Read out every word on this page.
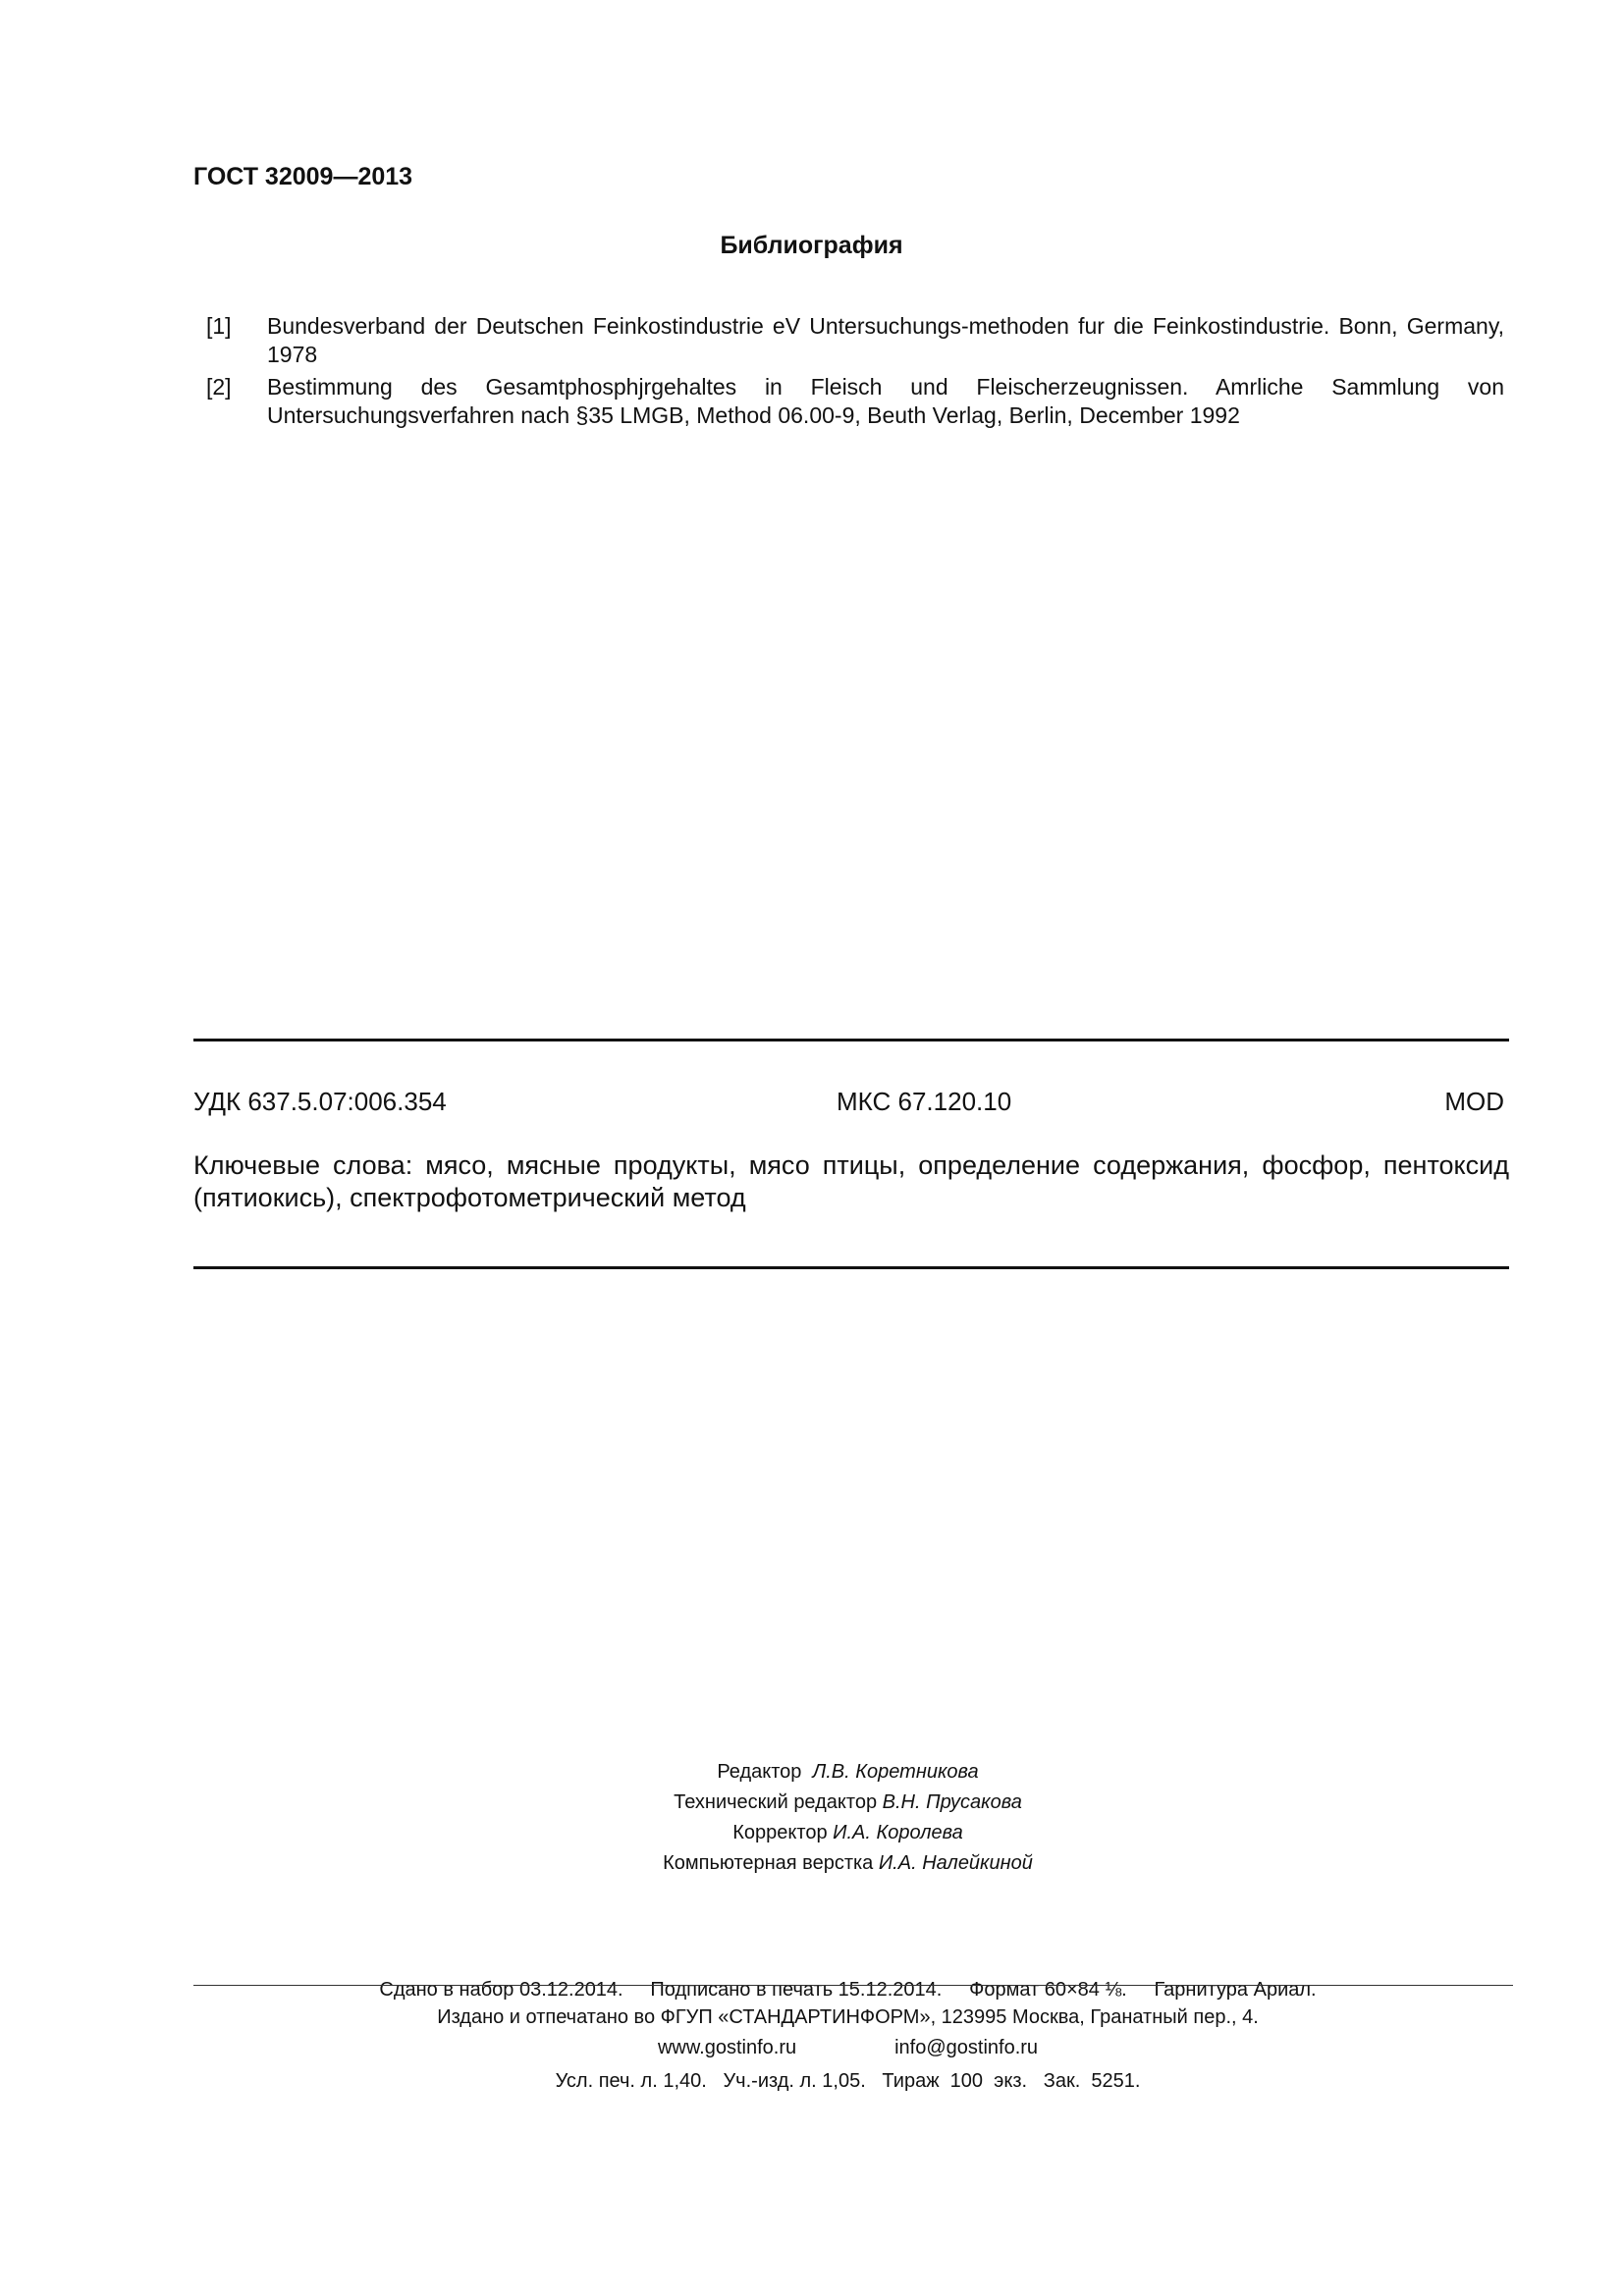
ГОСТ 32009—2013
Библиография
[1]	Bundesverband der Deutschen Feinkostindustrie eV Untersuchungs-methoden fur die Feinkostindustrie. Bonn, Germany, 1978
[2]	Bestimmung des Gesamtphosphjrgehaltes in Fleisch und Fleischerzeugnissen. Amrliche Sammlung von Untersuchungsverfahren nach §35 LMGB, Method 06.00-9, Beuth Verlag, Berlin, December 1992
УДК 637.5.07:006.354	МКС 67.120.10	MOD
Ключевые слова: мясо, мясные продукты, мясо птицы, определение содержания, фосфор, пентоксид (пятиокись), спектрофотометрический метод
Редактор Л.В. Коретникова
Технический редактор В.Н. Прусакова
Корректор И.А. Королева
Компьютерная верстка И.А. Налейкиной

Сдано в набор 03.12.2014.     Подписано в печать 15.12.2014.     Формат 60×84 ⅛.     Гарнитура Ариал.

Усл. печ. л. 1,40.   Уч.-изд. л. 1,05.   Тираж  100  экз.   Зак.  5251.

Издано и отпечатано во ФГУП «СТАНДАРТИНФОРМ», 123995 Москва, Гранатный пер., 4.
www.gostinfo.ru	info@gostinfo.ru
